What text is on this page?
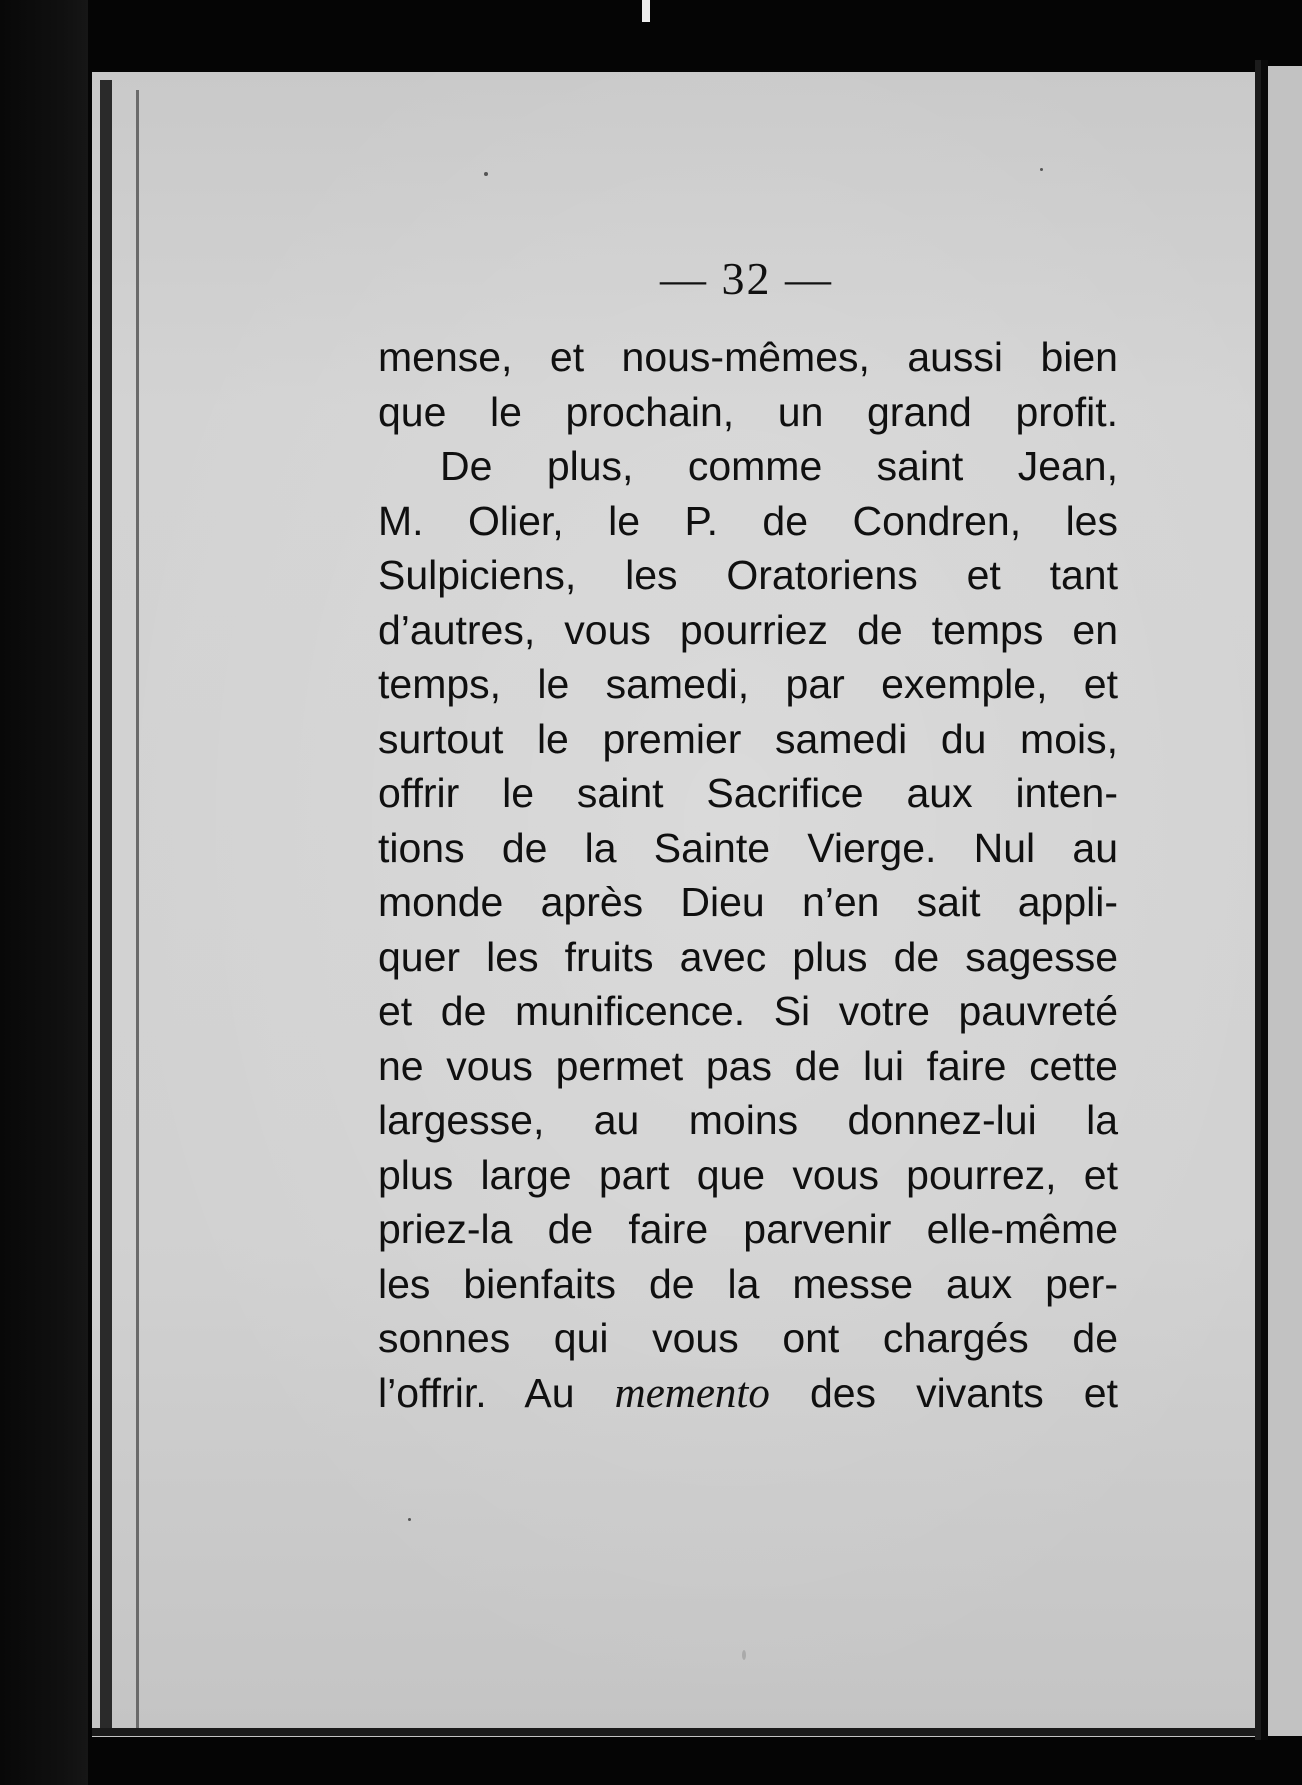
— 32 —
mense, et nous-mêmes, aussi bien
que le prochain, un grand profit.
De plus, comme saint Jean,
M. Olier, le P. de Condren, les
Sulpiciens, les Oratoriens et tant
d’autres, vous pourriez de temps en
temps, le samedi, par exemple, et
surtout le premier samedi du mois,
offrir le saint Sacrifice aux inten-
tions de la Sainte Vierge. Nul au
monde après Dieu n’en sait appli-
quer les fruits avec plus de sagesse
et de munificence. Si votre pauvreté
ne vous permet pas de lui faire cette
largesse, au moins donnez-lui la
plus large part que vous pourrez, et
priez-la de faire parvenir elle-même
les bienfaits de la messe aux per-
sonnes qui vous ont chargés de
l’offrir. Au memento des vivants et
